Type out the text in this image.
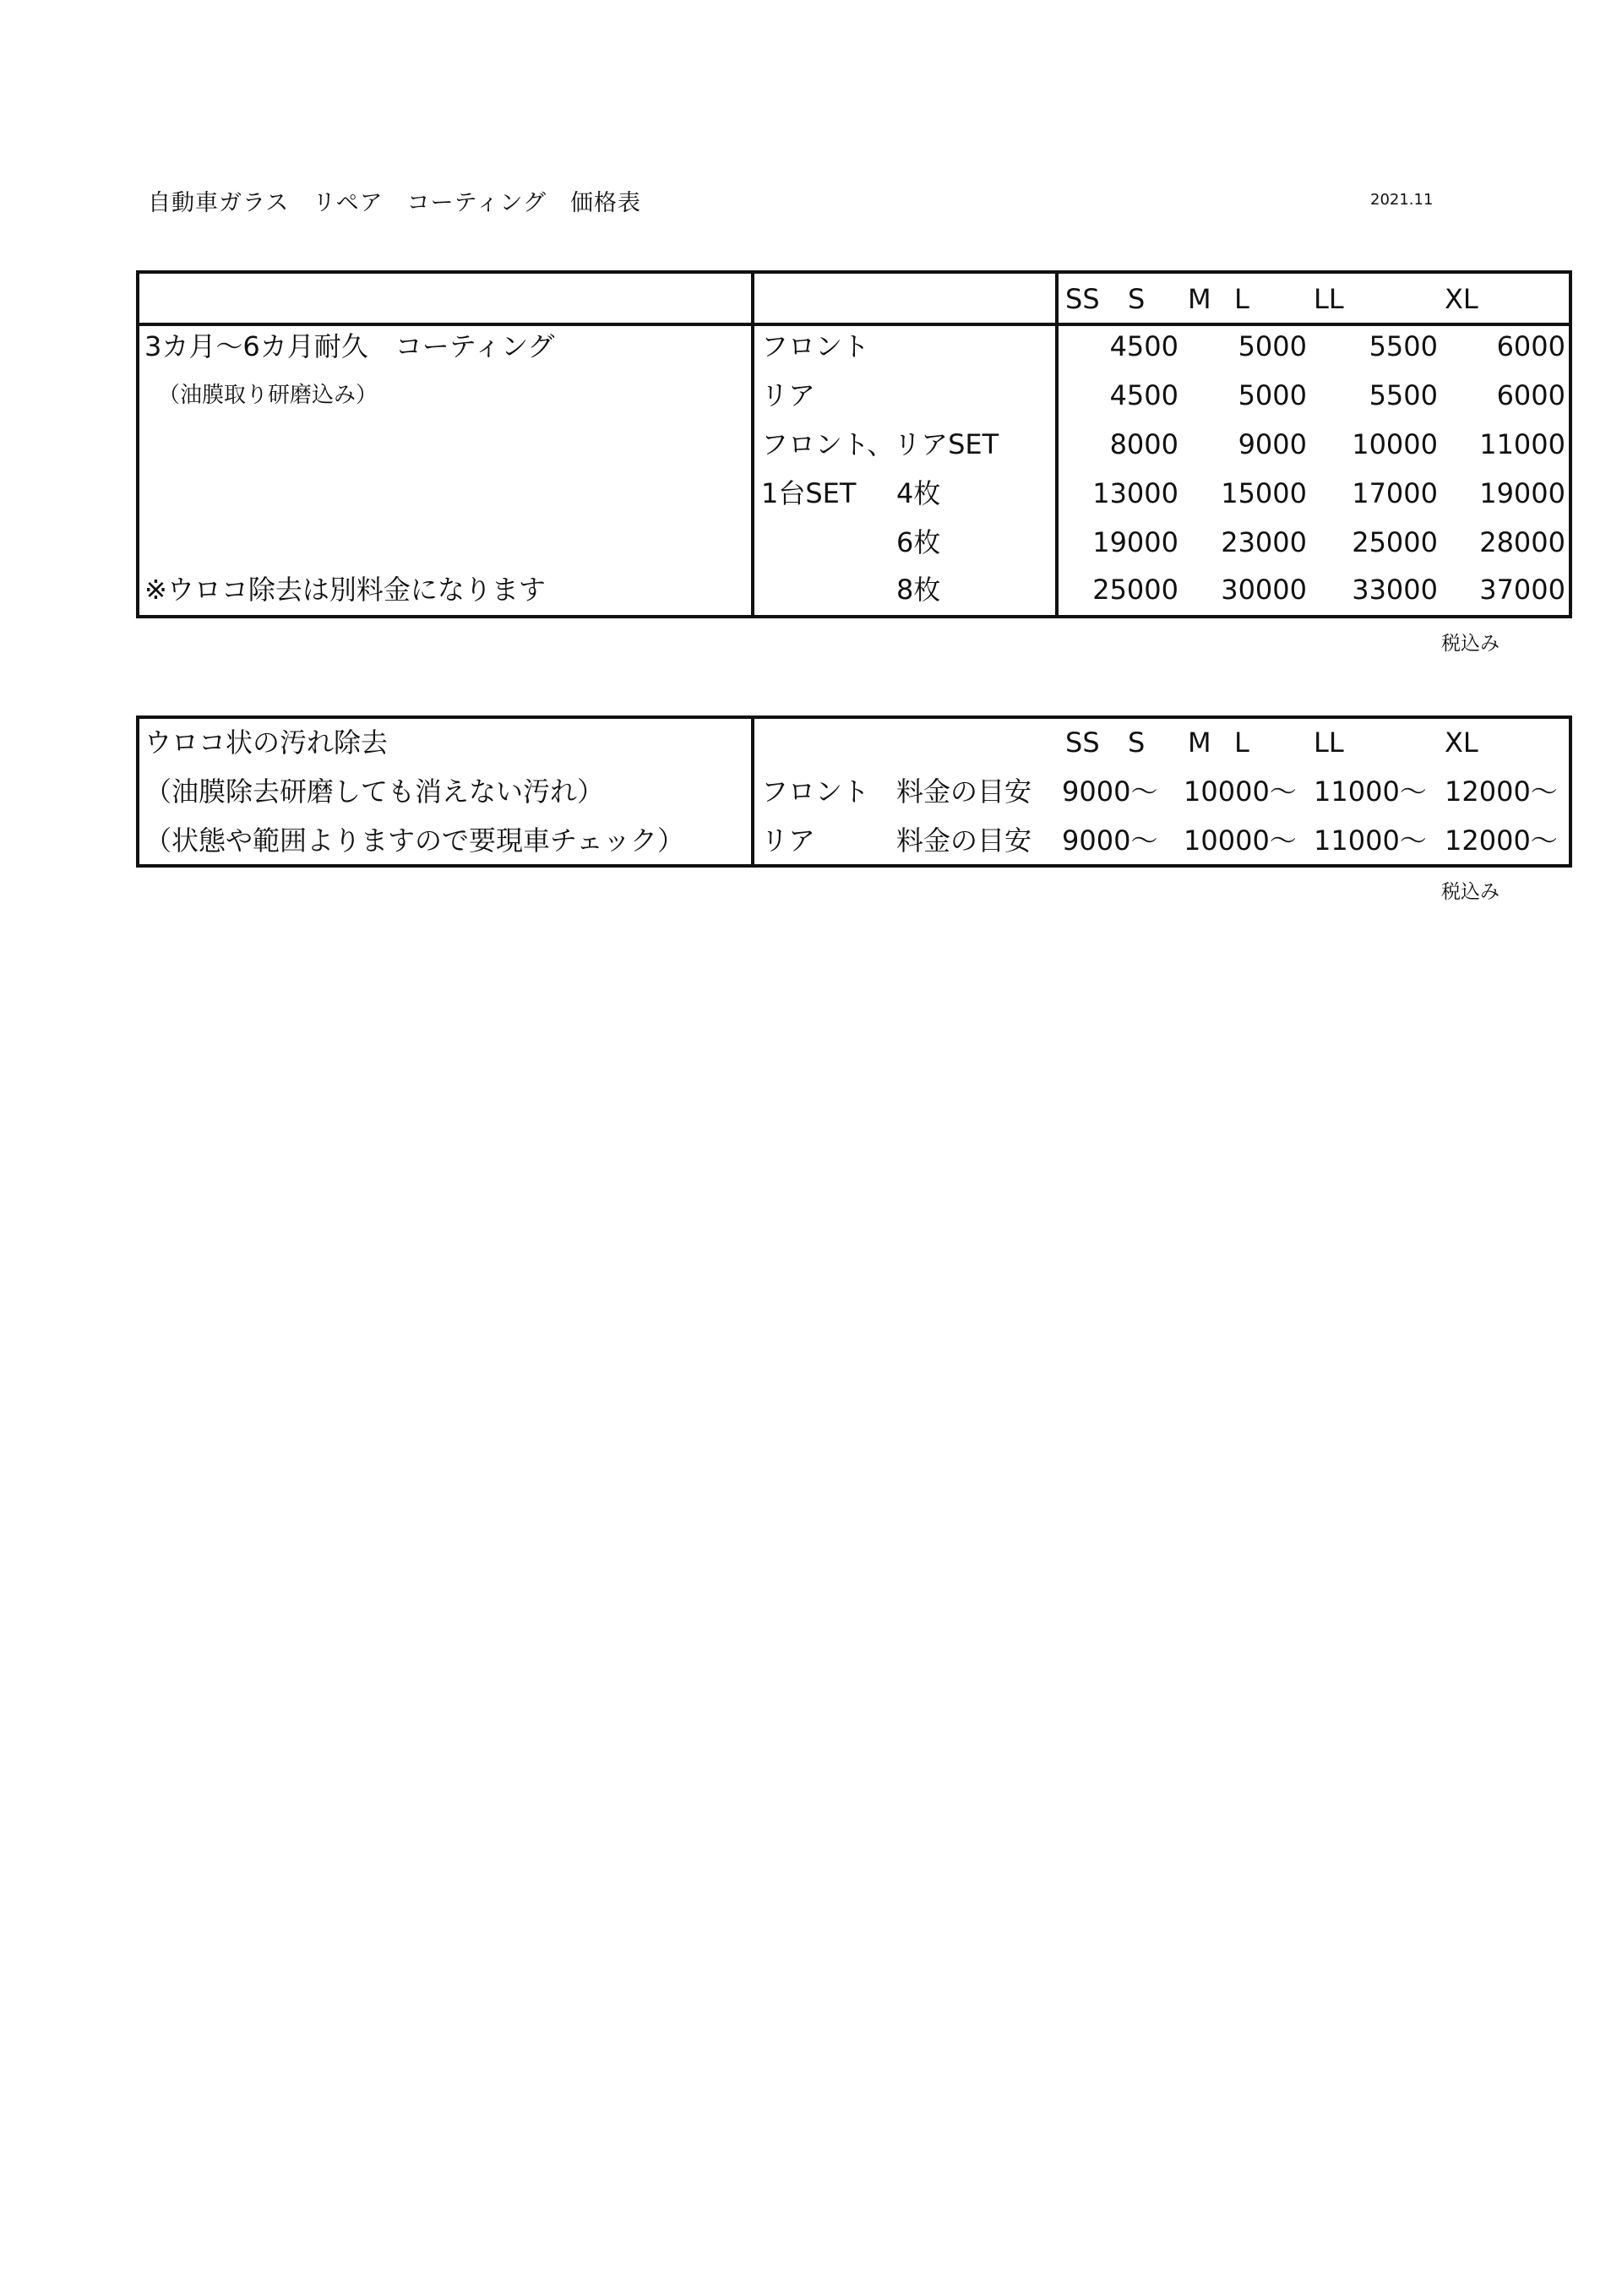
自動車ガラス　リペア　コーティング　価格表	2021.11
SS S M L LL	XL
3カ月〜6カ月耐久　コーティング
（油膜取り研磨込み）
※ウロコ除去は別料金になります
フロント	4500	5000	5500	6000
リア	4500	5000	5500	6000
フロント、リアSET	8000	9000	10000	11000
1台SET 4枚	13000	15000	17000	19000
6枚	19000	23000	25000	28000
8枚	25000	30000	33000	37000
税込み
ウロコ状の汚れ除去
（油膜除去研磨しても消えない汚れ）
（状態や範囲よりますので要現車チェック）
SS S M L LL	XL
フロント 料金の目安 9000〜 10000〜 11000〜 12000〜
リア	料金の目安 9000〜 10000〜 11000〜 12000〜
税込み
